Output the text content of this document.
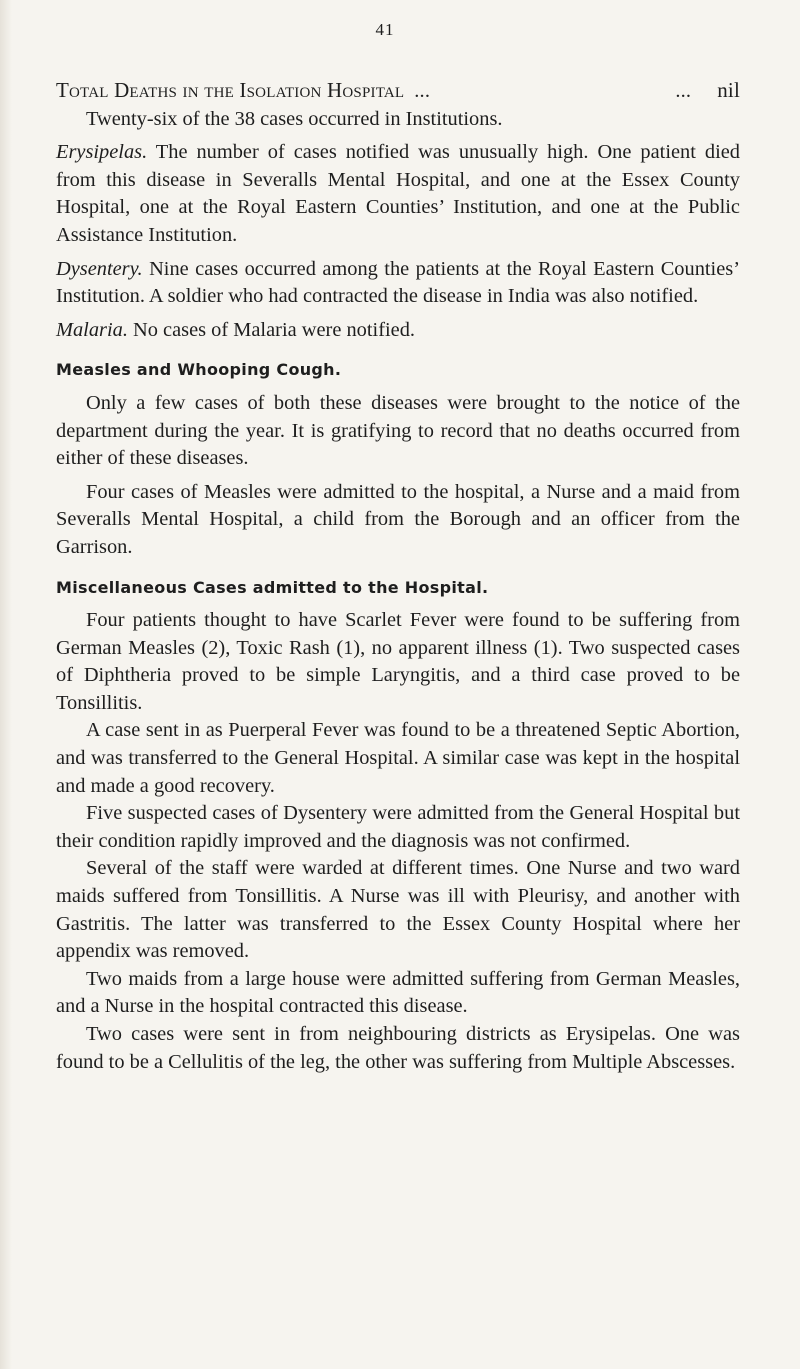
41
Total Deaths in the Isolation Hospital ...	...	nil

Twenty-six of the 38 cases occurred in Institutions.

Erysipelas. The number of cases notified was unusually high. One patient died from this disease in Severalls Mental Hospital, and one at the Essex County Hospital, one at the Royal Eastern Counties’ Institution, and one at the Public Assistance Institution.

Dysentery. Nine cases occurred among the patients at the Royal Eastern Counties’ Institution. A soldier who had contracted the disease in India was also notified.

Malaria. No cases of Malaria were notified.

Measles and Whooping Cough.

Only a few cases of both these diseases were brought to the notice of the department during the year. It is gratifying to record that no deaths occurred from either of these diseases.

Four cases of Measles were admitted to the hospital, a Nurse and a maid from Severalls Mental Hospital, a child from the Borough and an officer from the Garrison.

Miscellaneous Cases admitted to the Hospital.

Four patients thought to have Scarlet Fever were found to be suffering from German Measles (2), Toxic Rash (1), no apparent illness (1). Two suspected cases of Diphtheria proved to be simple Laryngitis, and a third case proved to be Tonsillitis.

A case sent in as Puerperal Fever was found to be a threatened Septic Abortion, and was transferred to the General Hospital. A similar case was kept in the hospital and made a good recovery.

Five suspected cases of Dysentery were admitted from the General Hospital but their condition rapidly improved and the diagnosis was not confirmed.

Several of the staff were warded at different times. One Nurse and two ward maids suffered from Tonsillitis. A Nurse was ill with Pleurisy, and another with Gastritis. The latter was transferred to the Essex County Hospital where her appendix was removed.

Two maids from a large house were admitted suffering from German Measles, and a Nurse in the hospital contracted this disease.

Two cases were sent in from neighbouring districts as Erysipelas. One was found to be a Cellulitis of the leg, the other was suffering from Multiple Abscesses.
